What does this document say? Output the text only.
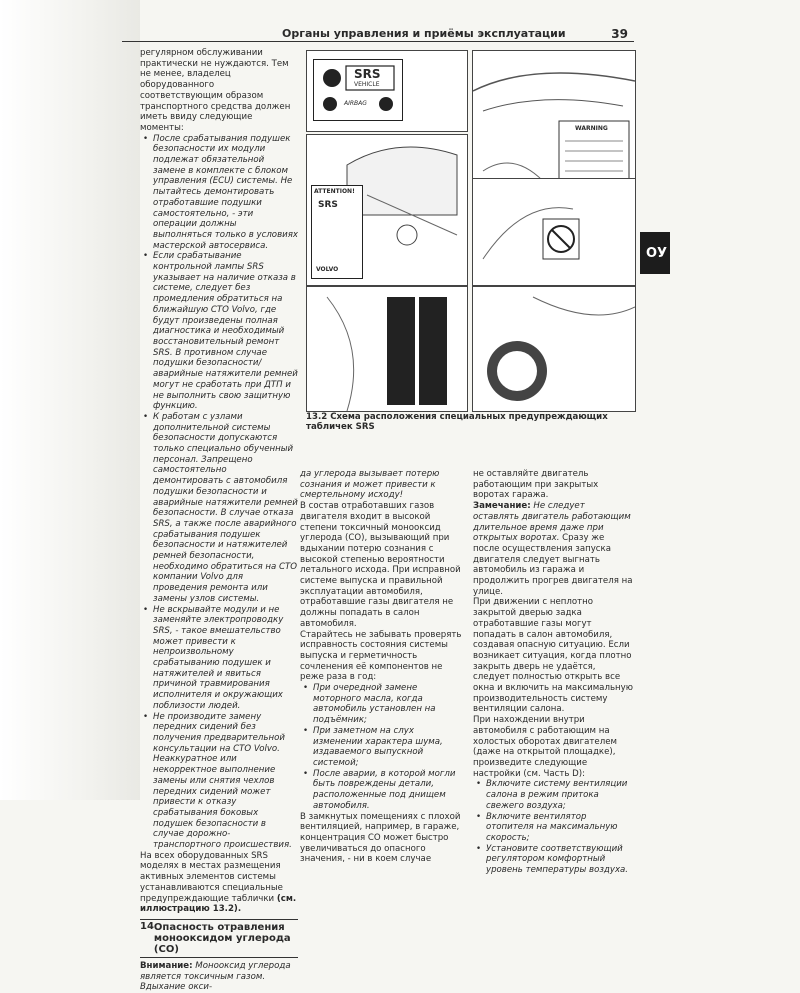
Органы управления и приёмы эксплуатации	39
OУ

регулярном обслуживании практически не нуждаются. Тем не менее, владелец оборудованного соответствующим образом транспортного средства должен иметь ввиду следующие моменты:

• После срабатывания подушек безопасности их модули подлежат обязательной замене в комплекте с блоком управления (ECU) системы. Не пытайтесь демонтировать отработавшие подушки самостоятельно, - эти операции должны выполняться только в условиях мастерской автосервиса.
• Если срабатывание контрольной лампы SRS указывает на наличие отказа в системе, следует без промедления обратиться на ближайшую СТО Volvo, где будут произведены полная диагностика и необходимый восстановительный ремонт SRS. В противном случае подушки безопасности/аварийные натяжители ремней могут не сработать при ДТП и не выполнить свою защитную функцию.
• К работам с узлами дополнительной системы безопасности допускаются только специально обученный персонал. Запрещено самостоятельно демонтировать с автомобиля подушки безопасности и аварийные натяжители ремней безопасности. В случае отказа SRS, а также после аварийного срабатывания подушек безопасности и натяжителей ремней безопасности, необходимо обратиться на СТО компании Volvo для проведения ремонта или замены узлов системы.
• Не вскрывайте модули и не заменяйте электропроводку SRS, - такое вмешательство может привести к непроизвольному срабатыванию подушек и натяжителей и явиться причиной травмирования исполнителя и окружающих поблизости людей.
• Не производите замену передних сидений без получения предварительной консультации на СТО Volvo. Неаккуратное или некорректное выполнение замены или снятия чехлов передних сидений может привести к отказу срабатывания боковых подушек безопасности в случае дорожно-транспортного происшествия.

На всех оборудованных SRS моделях в местах размещения активных элементов системы устанавливаются специальные предупреждающие таблички (см. иллюстрацию 13.2).

14 Опасность отравления монооксидом углерода (CO)

Внимание: Монооксид углерода является токсичным газом. Вдыхание окси-

SRS
VEHICLE
AIRBAG
WARNING
ATTENTION!
SRS
VOLVO
13.2 Схема расположения специальных предупреждающих табличек SRS

да углерода вызывает потерю сознания и может привести к смертельному исходу!

В состав отработавших газов двигателя входит в высокой степени токсичный монооксид углерода (CO), вызывающий при вдыхании потерю сознания с высокой степенью вероятности летального исхода. При исправной системе выпуска и правильной эксплуатации автомобиля, отработавшие газы двигателя не должны попадать в салон автомобиля.

Старайтесь не забывать проверять исправность состояния системы выпуска и герметичность сочленения её компонентов не реже раза в год:

• При очередной замене моторного масла, когда автомобиль установлен на подъёмник;
• При заметном на слух изменении характера шума, издаваемого выпускной системой;
• После аварии, в которой могли быть повреждены детали, расположенные под днищем автомобиля.

В замкнутых помещениях с плохой вентиляцией, например, в гараже, концентрация CO может быстро увеличиваться до опасного значения, - ни в коем случае

не оставляйте двигатель работающим при закрытых воротах гаража.

Замечание: Не следует оставлять двигатель работающим длительное время даже при открытых воротах. Сразу же после осуществления запуска двигателя следует выгнать автомобиль из гаража и продолжить прогрев двигателя на улице.

При движении с неплотно закрытой дверью задка отработавшие газы могут попадать в салон автомобиля, создавая опасную ситуацию. Если возникает ситуация, когда плотно закрыть дверь не удаётся, следует полностью открыть все окна и включить на максимальную производительность систему вентиляции салона.

При нахождении внутри автомобиля с работающим на холостых оборотах двигателем (даже на открытой площадке), произведите следующие настройки (см. Часть D):

• Включите систему вентиляции салона в режим притока свежего воздуха;
• Включите вентилятор отопителя на максимальную скорость;
• Установите соответствующий регулятором комфортный уровень температуры воздуха.
